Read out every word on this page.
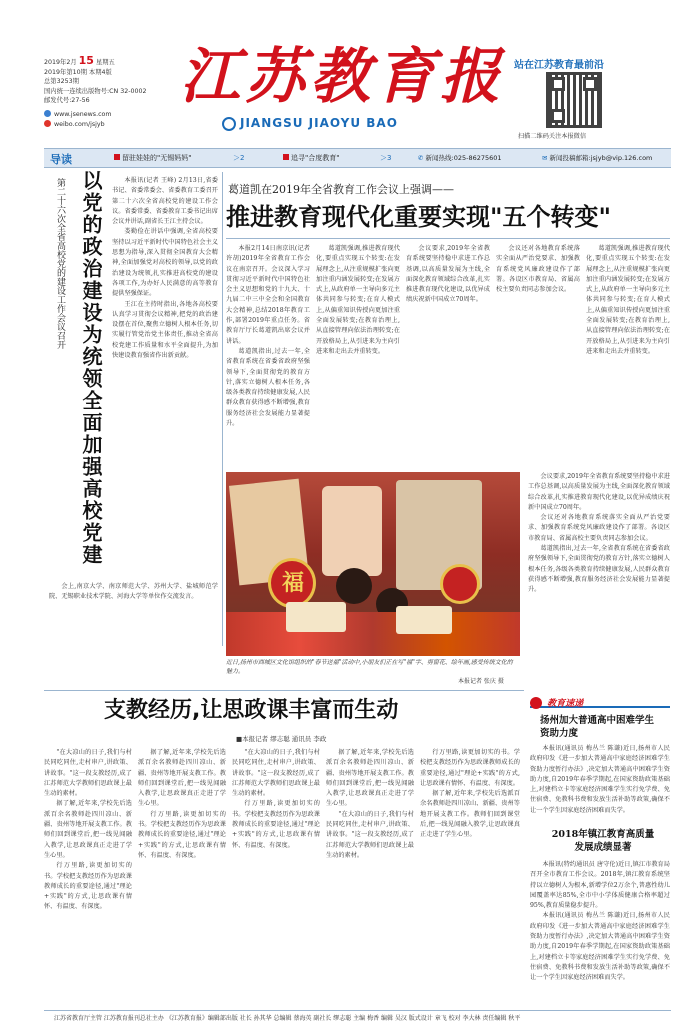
2019年2月 15 星期五
2019年第10期 本期4版
总第3253期
国内统一连续出版物号:CN 32-0002
邮发代号:27-56
www.jsenews.com
weibo.com/jsjyb
江苏教育报
JIANGSU JIAOYU BAO
站在江苏教育最前沿
扫描二维码关注本报微信
导读	留驻娃娃的"无锡妈妈"	＞2	追寻"合度教育"	＞3	✆ 新闻热线:025-86275601	✉ 新闻投稿邮箱:jsjyb@vip.126.com
以党的政治建设为统领全面加强高校党建
第二十六次全省高校党的建设工作会议召开	本报讯(记者 王峰) 2月13日,省委书记、省委常委会、省委教育工委召开第二十六次全省高校党的建设工作会议。省委常委、省委教育工委书记出席会议并讲话,副省长王江主持会议。

娄勤俭在讲话中强调,全省高校要坚持以习近平新时代中国特色社会主义思想为指导,深入贯彻全国教育大会精神,全面加强党对高校的领导,以党的政治建设为统领,扎实推进高校党的建设各项工作,为办好人民满意的高等教育提供坚强保证。

王江在主持时指出,各地各高校要认真学习贯彻会议精神,把党的政治建设摆在首位,聚焦立德树人根本任务,切实履行管党治党主体责任,推动全省高校党建工作质量和水平全面提升,为加快建设教育强省作出新贡献。

会上,南京大学、南京师范大学、苏州大学、盐城师范学院、无锡职业技术学院、河海大学等单位作交流发言。

葛道凯在2019年全省教育工作会议上强调——
推进教育现代化重要实现"五个转变"

本报2月14日南京讯(记者 许胡)2019年全省教育工作会议在南京召开。会议深入学习贯彻习近平新时代中国特色社会主义思想和党的十九大、十九届二中三中全会和全国教育大会精神,总结2018年教育工作,部署2019年重点任务。省教育厅厅长葛道凯出席会议并讲话。

葛道凯指出,过去一年,全省教育系统在省委省政府坚强领导下,全面贯彻党的教育方针,落实立德树人根本任务,各级各类教育持续健康发展,人民群众教育获得感不断增强,教育服务经济社会发展能力显著提升。

葛道凯强调,推进教育现代化,要重点实现五个转变:在发展理念上,从注重规模扩张向更加注重内涵发展转变;在发展方式上,从政府单一主导向多元主体共同参与转变;在育人模式上,从偏重知识传授向更加注重全面发展转变;在教育治理上,从直接管理向依法治理转变;在开放格局上,从引进来为主向引进来和走出去并重转变。

会议要求,2019年全省教育系统要坚持稳中求进工作总基调,以高质量发展为主线,全面深化教育领域综合改革,扎实推进教育现代化建设,以优异成绩庆祝新中国成立70周年。

会议还对各地教育系统落实全面从严治党要求、加强教育系统党风廉政建设作了部署。各设区市教育局、省属高校主要负责同志参加会议。

葛道凯强调,推进教育现代化,要重点实现五个转变:在发展理念上,从注重规模扩张向更加注重内涵发展转变;在发展方式上,从政府单一主导向多元主体共同参与转变;在育人模式上,从偏重知识传授向更加注重全面发展转变;在教育治理上,从直接管理向依法治理转变;在开放格局上,从引进来为主向引进来和走出去并重转变。

福
近日,扬州市西城区文化馆组织的"春节送福"活动中,小朋友们正在写"福"字、剪窗花、绘年画,感受传统文化的魅力。
本报记者 张庆 摄

会议要求,2019年全省教育系统要坚持稳中求进工作总基调,以高质量发展为主线,全面深化教育领域综合改革,扎实推进教育现代化建设,以优异成绩庆祝新中国成立70周年。

会议还对各地教育系统落实全面从严治党要求、加强教育系统党风廉政建设作了部署。各设区市教育局、省属高校主要负责同志参加会议。

葛道凯指出,过去一年,全省教育系统在省委省政府坚强领导下,全面贯彻党的教育方针,落实立德树人根本任务,各级各类教育持续健康发展,人民群众教育获得感不断增强,教育服务经济社会发展能力显著提升。

支教经历,让思政课丰富而生动
■本报记者 缪志聪 通讯员 李政

"在大凉山的日子,我们与村民同吃同住,走村串户,讲政策、讲故事。"这一段支教经历,成了江苏师范大学教师们思政课上最生动的素材。

据了解,近年来,学校先后选派百余名教师赴四川凉山、新疆、贵州等地开展支教工作。教师们回到课堂后,把一线见闻融入教学,让思政课真正走进了学生心里。

行万里路,读更加切实的书。学校把支教经历作为思政课教师成长的重要途径,通过"理论+实践"的方式,让思政课有情怀、有温度、有深度。

据了解,近年来,学校先后选派百余名教师赴四川凉山、新疆、贵州等地开展支教工作。教师们回到课堂后,把一线见闻融入教学,让思政课真正走进了学生心里。

行万里路,读更加切实的书。学校把支教经历作为思政课教师成长的重要途径,通过"理论+实践"的方式,让思政课有情怀、有温度、有深度。

"在大凉山的日子,我们与村民同吃同住,走村串户,讲政策、讲故事。"这一段支教经历,成了江苏师范大学教师们思政课上最生动的素材。

行万里路,读更加切实的书。学校把支教经历作为思政课教师成长的重要途径,通过"理论+实践"的方式,让思政课有情怀、有温度、有深度。

据了解,近年来,学校先后选派百余名教师赴四川凉山、新疆、贵州等地开展支教工作。教师们回到课堂后,把一线见闻融入教学,让思政课真正走进了学生心里。

"在大凉山的日子,我们与村民同吃同住,走村串户,讲政策、讲故事。"这一段支教经历,成了江苏师范大学教师们思政课上最生动的素材。

行万里路,读更加切实的书。学校把支教经历作为思政课教师成长的重要途径,通过"理论+实践"的方式,让思政课有情怀、有温度、有深度。

据了解,近年来,学校先后选派百余名教师赴四川凉山、新疆、贵州等地开展支教工作。教师们回到课堂后,把一线见闻融入教学,让思政课真正走进了学生心里。

教育速递
扬州加大普通高中困难学生资助力度

本报讯(通讯员 梅丛兰 陈谦)近日,扬州市人民政府印发《进一步加大普通高中家庭经济困难学生资助力度暂行办法》,决定加大普通高中困难学生资助力度,自2019年春季学期起,在国家资助政策基础上,对建档立卡等家庭经济困难学生实行免学费、免住宿费、免教科书费和发放生活补助等政策,确保不让一个学生因家庭经济困难而失学。

2018年镇江教育高质量发展成绩显著

本报讯(特约通讯员 唐守伦)近日,镇江市教育局召开全市教育工作会议。2018年,镇江教育系统坚持以立德树人为根本,新增学位2万余个,普惠性幼儿园覆盖率达85%,全市中小学体质健康合格率超过95%,教育质量稳步提升。

本报讯(通讯员 梅丛兰 陈谦)近日,扬州市人民政府印发《进一步加大普通高中家庭经济困难学生资助力度暂行办法》,决定加大普通高中困难学生资助力度,自2019年春季学期起,在国家资助政策基础上,对建档立卡等家庭经济困难学生实行免学费、免住宿费、免教科书费和发放生活补助等政策,确保不让一个学生因家庭经济困难而失学。

江苏省教育厅主管 江苏教育报刊总社主办 《江苏教育报》编辑部出版 社长 孙其华 总编辑 蔡海英 副社长 缪志聪 主编 梅香 编辑 吴汉 版式设计 章飞 校对 李大林 责任编辑 秋平
